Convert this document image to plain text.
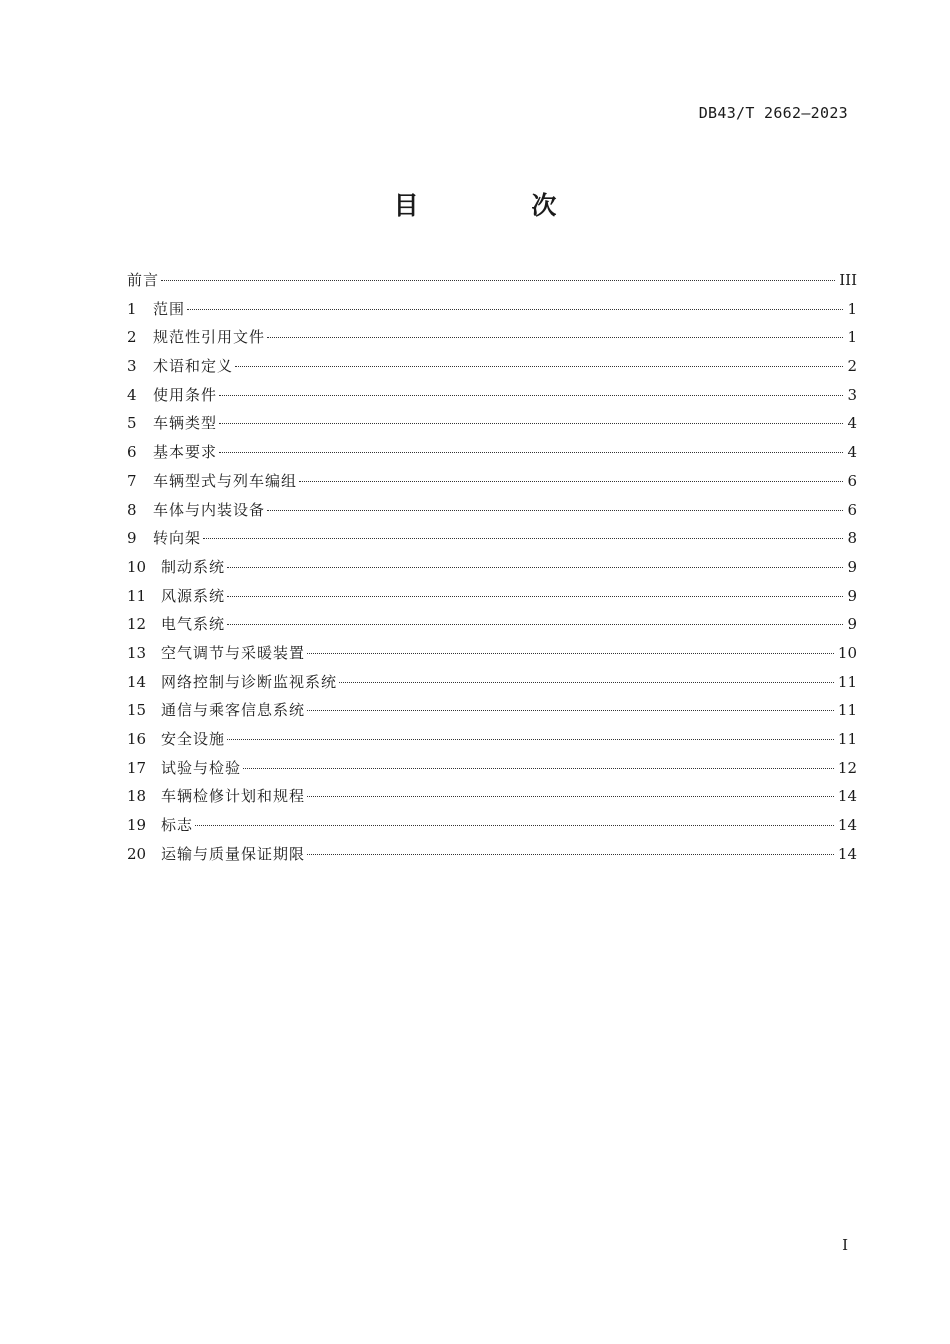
DB43/T 2662—2023
目 次
前言	III
1	范围	1
2	规范性引用文件	1
3	术语和定义	2
4	使用条件	3
5	车辆类型	4
6	基本要求	4
7	车辆型式与列车编组	6
8	车体与内装设备	6
9	转向架	8
10 制动系统	9
11 风源系统	9
12 电气系统	9
13 空气调节与采暖装置	10
14 网络控制与诊断监视系统	11
15 通信与乘客信息系统	11
16 安全设施	11
17 试验与检验	12
18 车辆检修计划和规程	14
19 标志	14
20 运输与质量保证期限	14
I
